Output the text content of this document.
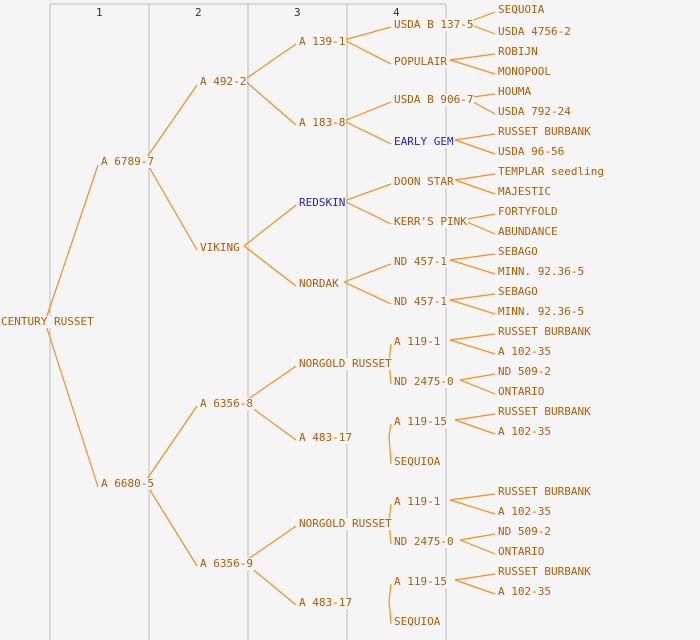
1	2	3	4
CENTURY RUSSET
A 6789-7
A 6680-5
A 492-2
VIKING
A 6356-8
A 6356-9
A 139-1
A 183-8
REDSKIN
NORDAK
NORGOLD RUSSET
A 483-17
NORGOLD RUSSET
A 483-17
USDA B 137-5
POPULAIR
USDA B 906-7
EARLY GEM
DOON STAR
KERR'S PINK
ND 457-1
ND 457-1
A 119-1
ND 2475-0
A 119-15
SEQUIOA
A 119-1
ND 2475-0
A 119-15
SEQUIOA
SEQUOIA
USDA 4756-2
ROBIJN
MONOPOOL
HOUMA
USDA 792-24
RUSSET BURBANK
USDA 96-56
TEMPLAR seedling
MAJESTIC
FORTYFOLD
ABUNDANCE
SEBAGO
MINN. 92.36-5
SEBAGO
MINN. 92.36-5
RUSSET BURBANK
A 102-35
ND 509-2
ONTARIO
RUSSET BURBANK
A 102-35
RUSSET BURBANK
A 102-35
ND 509-2
ONTARIO
RUSSET BURBANK
A 102-35
